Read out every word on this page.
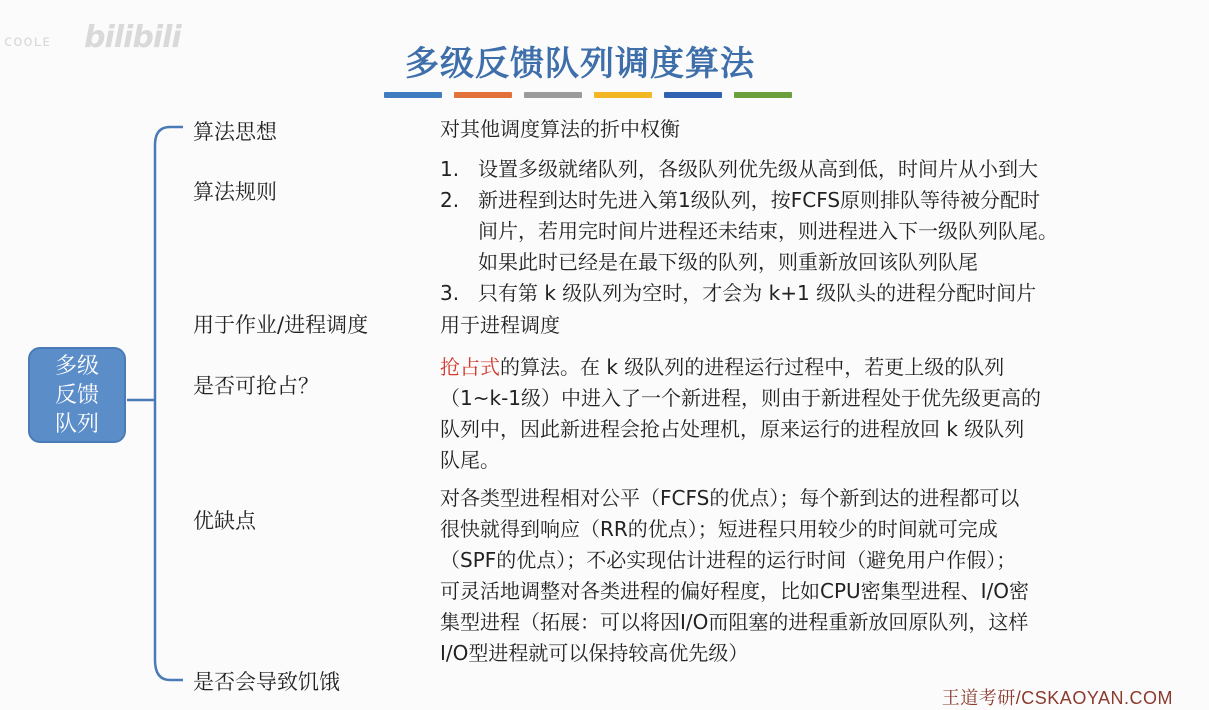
ᴄᴏᴏʟᴇ bilibili
多级反馈队列调度算法
多级
反馈
队列
算法思想
算法规则
用于作业/进程调度
是否可抢占？
优缺点
是否会导致饥饿
对其他调度算法的折中权衡
1. 设置多级就绪队列，各级队列优先级从高到低，时间片从小到大
2. 新进程到达时先进入第1级队列，按FCFS原则排队等待被分配时
间片，若用完时间片进程还未结束，则进程进入下一级队列队尾。
如果此时已经是在最下级的队列，则重新放回该队列队尾
3. 只有第 k 级队列为空时，才会为 k+1 级队头的进程分配时间片
用于进程调度
抢占式的算法。在 k 级队列的进程运行过程中，若更上级的队列
（1~k-1级）中进入了一个新进程，则由于新进程处于优先级更高的
队列中，因此新进程会抢占处理机，原来运行的进程放回 k 级队列
队尾。
对各类型进程相对公平（FCFS的优点）；每个新到达的进程都可以
很快就得到响应（RR的优点）；短进程只用较少的时间就可完成
（SPF的优点）；不必实现估计进程的运行时间（避免用户作假）；
可灵活地调整对各类进程的偏好程度，比如CPU密集型进程、I/O密
集型进程（拓展：可以将因I/O而阻塞的进程重新放回原队列，这样
I/O型进程就可以保持较高优先级）
王道考研/CSKAOYAN.COM
